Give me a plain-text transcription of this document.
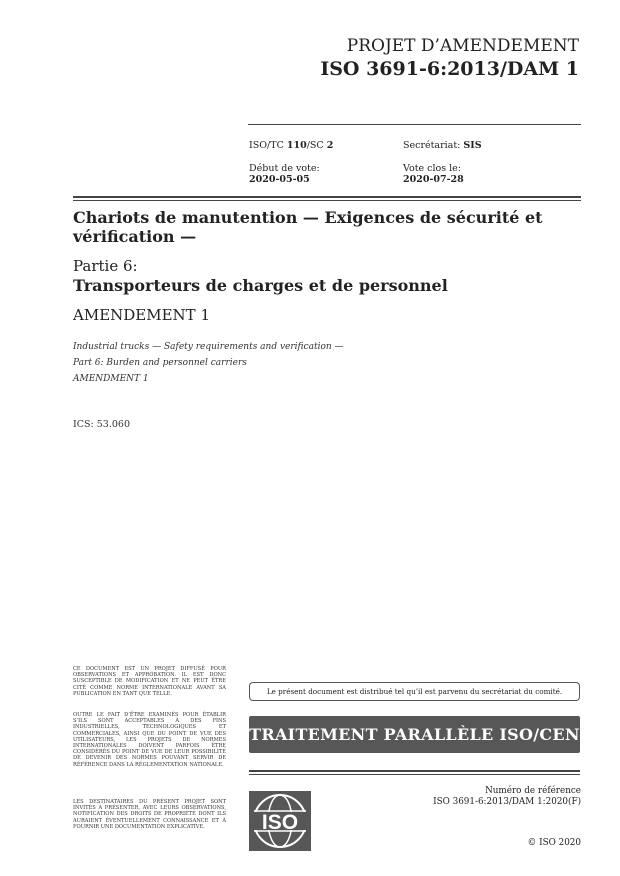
PROJET D’AMENDEMENT
ISO 3691-6:2013/DAM 1
ISO/TC 110/SC 2	Secrétariat: SIS
Début de vote:
2020-05-05
Vote clos le:
2020-07-28
Chariots de manutention — Exigences de sécurité et vérification —
Partie 6:
Transporteurs de charges et de personnel
AMENDEMENT 1
Industrial trucks — Safety requirements and verification —
Part 6: Burden and personnel carriers
AMENDMENT 1
ICS: 53.060
CE DOCUMENT EST UN PROJET DIFFUSÉ POUR OBSERVATIONS ET APPROBATION. IL EST DONC SUSCEPTIBLE DE MODIFICATION ET NE PEUT ÊTRE CITÉ COMME NORME INTERNATIONALE AVANT SA PUBLICATION EN TANT QUE TELLE.
OUTRE LE FAIT D’ÊTRE EXAMINÉS POUR ÉTABLIR S’ILS SONT ACCEPTABLES À DES FINS INDUSTRIELLES, TECHNOLOGIQUES ET COMMERCIALES, AINSI QUE DU POINT DE VUE DES UTILISATEURS, LES PROJETS DE NORMES INTERNATIONALES DOIVENT PARFOIS ÊTRE CONSIDÉRÉS DU POINT DE VUE DE LEUR POSSIBILITÉ DE DEVENIR DES NORMES POUVANT SERVIR DE RÉFÉRENCE DANS LA RÉGLEMENTATION NATIONALE.
LES DESTINATAIRES DU PRÉSENT PROJET SONT INVITÉS À PRÉSENTER, AVEC LEURS OBSERVATIONS, NOTIFICATION DES DROITS DE PROPRIÉTÉ DONT ILS AURAIENT ÉVENTUELLEMENT CONNAISSANCE ET À FOURNIR UNE DOCUMENTATION EXPLICATIVE.
Le présent document est distribué tel qu’il est parvenu du secrétariat du comité.
TRAITEMENT PARALLÈLE ISO/CEN
ISO
Numéro de référence
ISO 3691-6:2013/DAM 1:2020(F)
© ISO 2020
